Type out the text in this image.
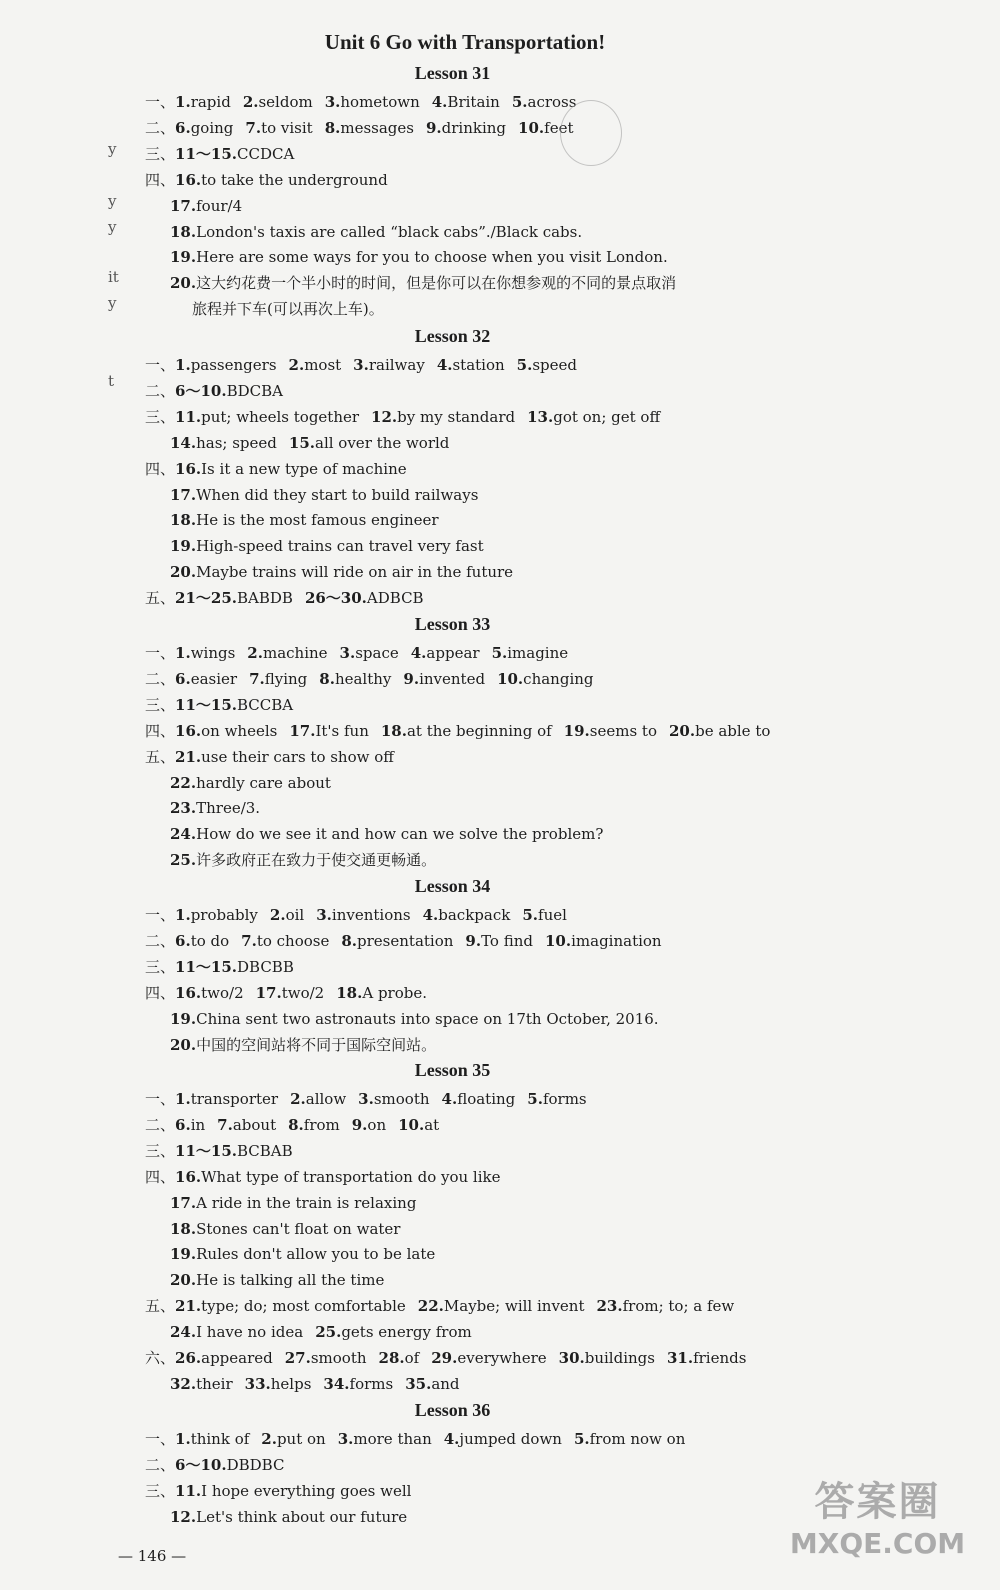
Unit 6 Go with Transportation!
Lesson 31
一、1.rapid 2.seldom 3.hometown 4.Britain 5.across
二、6.going 7.to visit 8.messages 9.drinking 10.feet
三、11～15.CCDCA
四、16.to take the underground
17.four/4
18.London's taxis are called “black cabs”./Black cabs.
19.Here are some ways for you to choose when you visit London.
20.这大约花费一个半小时的时间，但是你可以在你想参观的不同的景点取消
旅程并下车(可以再次上车)。
Lesson 32
一、1.passengers 2.most 3.railway 4.station 5.speed
二、6～10.BDCBA
三、11.put; wheels together 12.by my standard 13.got on; get off
14.has; speed 15.all over the world
四、16.Is it a new type of machine
17.When did they start to build railways
18.He is the most famous engineer
19.High-speed trains can travel very fast
20.Maybe trains will ride on air in the future
五、21～25.BABDB 26～30.ADBCB
Lesson 33
一、1.wings 2.machine 3.space 4.appear 5.imagine
二、6.easier 7.flying 8.healthy 9.invented 10.changing
三、11～15.BCCBA
四、16.on wheels 17.It's fun 18.at the beginning of 19.seems to 20.be able to
五、21.use their cars to show off
22.hardly care about
23.Three/3.
24.How do we see it and how can we solve the problem?
25.许多政府正在致力于使交通更畅通。
Lesson 34
一、1.probably 2.oil 3.inventions 4.backpack 5.fuel
二、6.to do 7.to choose 8.presentation 9.To find 10.imagination
三、11～15.DBCBB
四、16.two/2 17.two/2 18.A probe.
19.China sent two astronauts into space on 17th October, 2016.
20.中国的空间站将不同于国际空间站。
Lesson 35
一、1.transporter 2.allow 3.smooth 4.floating 5.forms
二、6.in 7.about 8.from 9.on 10.at
三、11～15.BCBAB
四、16.What type of transportation do you like
17.A ride in the train is relaxing
18.Stones can't float on water
19.Rules don't allow you to be late
20.He is talking all the time
五、21.type; do; most comfortable 22.Maybe; will invent 23.from; to; a few
24.I have no idea 25.gets energy from
六、26.appeared 27.smooth 28.of 29.everywhere 30.buildings 31.friends
32.their 33.helps 34.forms 35.and
Lesson 36
一、1.think of 2.put on 3.more than 4.jumped down 5.from now on
二、6～10.DBDBC
三、11.I hope everything goes well
12.Let's think about our future
y
y
y
it
y
t
答案圈
MXQE.COM
— 146 —
